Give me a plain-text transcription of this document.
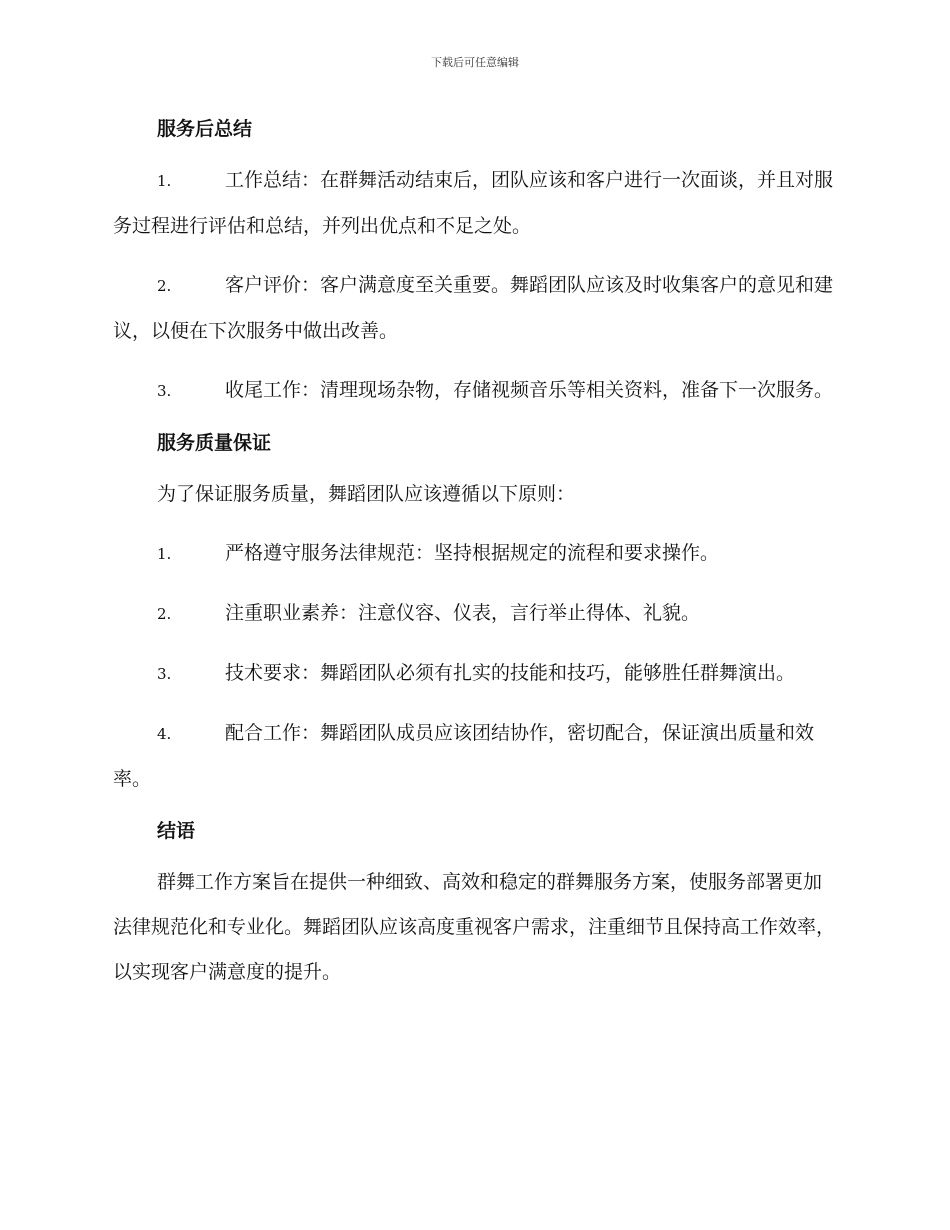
下载后可任意编辑
服务后总结

1.	工作总结：在群舞活动结束后，团队应该和客户进行一次面谈，并且对服务过程进行评估和总结，并列出优点和不足之处。

2.	客户评价：客户满意度至关重要。舞蹈团队应该及时收集客户的意见和建议，以便在下次服务中做出改善。

3.	收尾工作：清理现场杂物，存储视频音乐等相关资料，准备下一次服务。

服务质量保证

为了保证服务质量，舞蹈团队应该遵循以下原则：

1.	严格遵守服务法律规范：坚持根据规定的流程和要求操作。

2.	注重职业素养：注意仪容、仪表，言行举止得体、礼貌。

3.	技术要求：舞蹈团队必须有扎实的技能和技巧，能够胜任群舞演出。

4.	配合工作：舞蹈团队成员应该团结协作，密切配合，保证演出质量和效率。

结语

群舞工作方案旨在提供一种细致、高效和稳定的群舞服务方案，使服务部署更加法律规范化和专业化。舞蹈团队应该高度重视客户需求，注重细节且保持高工作效率，以实现客户满意度的提升。
